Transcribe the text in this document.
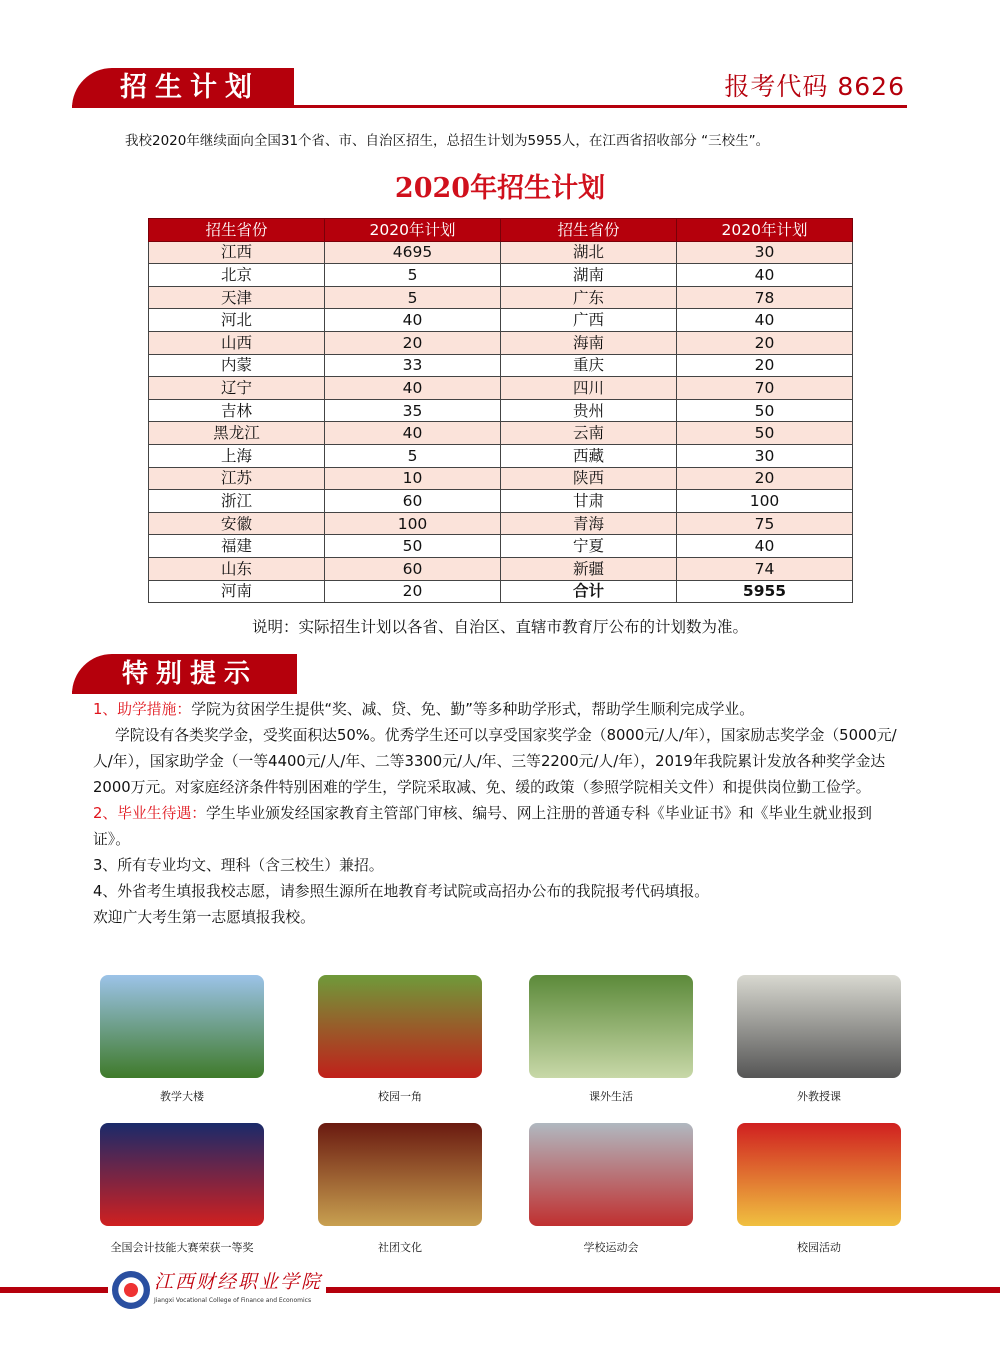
招生计划	报考代码 8626
我校2020年继续面向全国31个省、市、自治区招生，总招生计划为5955人，在江西省招收部分 “三校生”。
2020年招生计划
招生省份	2020年计划	招生省份	2020年计划
江西	4695	湖北	30
北京	5	湖南	40
天津	5	广东	78
河北	40	广西	40
山西	20	海南	20
内蒙	33	重庆	20
辽宁	40	四川	70
吉林	35	贵州	50
黑龙江	40	云南	50
上海	5	西藏	30
江苏	10	陕西	20
浙江	60	甘肃	100
安徽	100	青海	75
福建	50	宁夏	40
山东	60	新疆	74
河南	20	合计	5955
说明：实际招生计划以各省、自治区、直辖市教育厅公布的计划数为准。
特别提示

1、助学措施：学院为贫困学生提供“奖、减、贷、免、勤”等多种助学形式，帮助学生顺利完成学业。

学院设有各类奖学金，受奖面积达50%。优秀学生还可以享受国家奖学金（8000元/人/年），国家励志奖学金（5000元/人/年），国家助学金（一等4400元/人/年、二等3300元/人/年、三等2200元/人/年），2019年我院累计发放各种奖学金达2000万元。对家庭经济条件特别困难的学生，学院采取减、免、缓的政策（参照学院相关文件）和提供岗位勤工俭学。

2、毕业生待遇：学生毕业颁发经国家教育主管部门审核、编号、网上注册的普通专科《毕业证书》和《毕业生就业报到证》。

3、所有专业均文、理科（含三校生）兼招。

4、外省考生填报我校志愿，请参照生源所在地教育考试院或高招办公布的我院报考代码填报。

欢迎广大考生第一志愿填报我校。

教学大楼	校园一角	课外生活	外教授课
全国会计技能大赛荣获一等奖	社团文化	学校运动会	校园活动
江西财经职业学院
Jiangxi Vocational College of Finance and Economics
